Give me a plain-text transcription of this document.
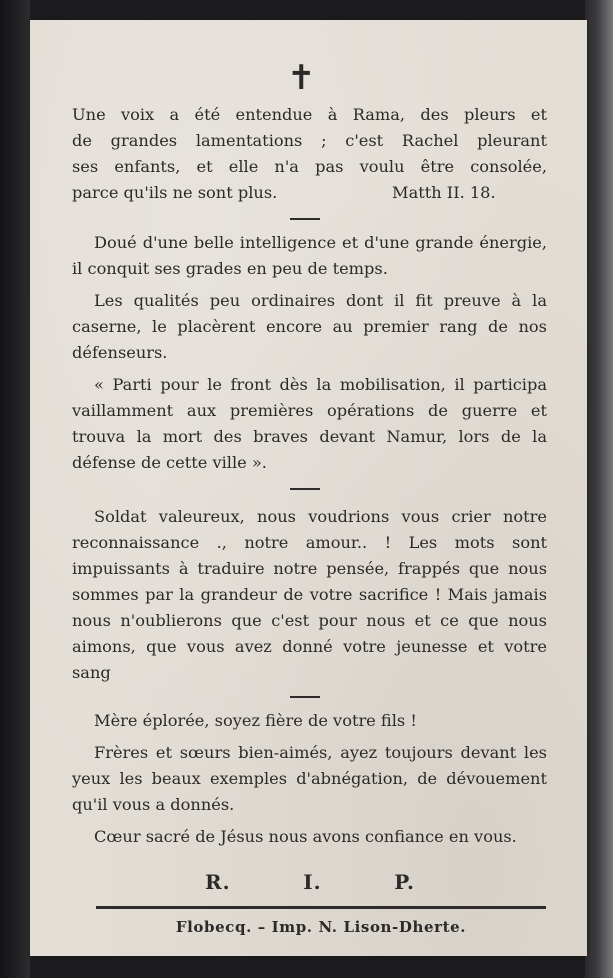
✝
Une voix a été entendue à Rama, des pleurs et
de grandes lamentations ; c'est Rachel pleurant
ses enfants, et elle n'a pas voulu être consolée,
parce qu'ils ne sont plus.	Matth II. 18.
Doué d'une belle intelligence et d'une grande énergie, il conquit ses grades en peu de temps.
Les qualités peu ordinaires dont il fit preuve à la caserne, le placèrent encore au premier rang de nos défenseurs.
« Parti pour le front dès la mobilisation, il participa vaillamment aux premières opérations de guerre et trouva la mort des braves devant Namur, lors de la défense de cette ville ».
Soldat valeureux, nous voudrions vous crier notre reconnaissance ., notre amour.. ! Les mots sont impuissants à traduire notre pensée, frappés que nous sommes par la grandeur de votre sacrifice ! Mais jamais nous n'oublierons que c'est pour nous et ce que nous aimons, que vous avez donné votre jeunesse et votre sang
Mère éplorée, soyez fière de votre fils !
Frères et sœurs bien-aimés, ayez toujours devant les yeux les beaux exemples d'abnégation, de dévouement qu'il vous a donnés.
Cœur sacré de Jésus nous avons confiance en vous.
R.	I.	P.
Flobecq. – Imp. N. Lison-Dherte.
